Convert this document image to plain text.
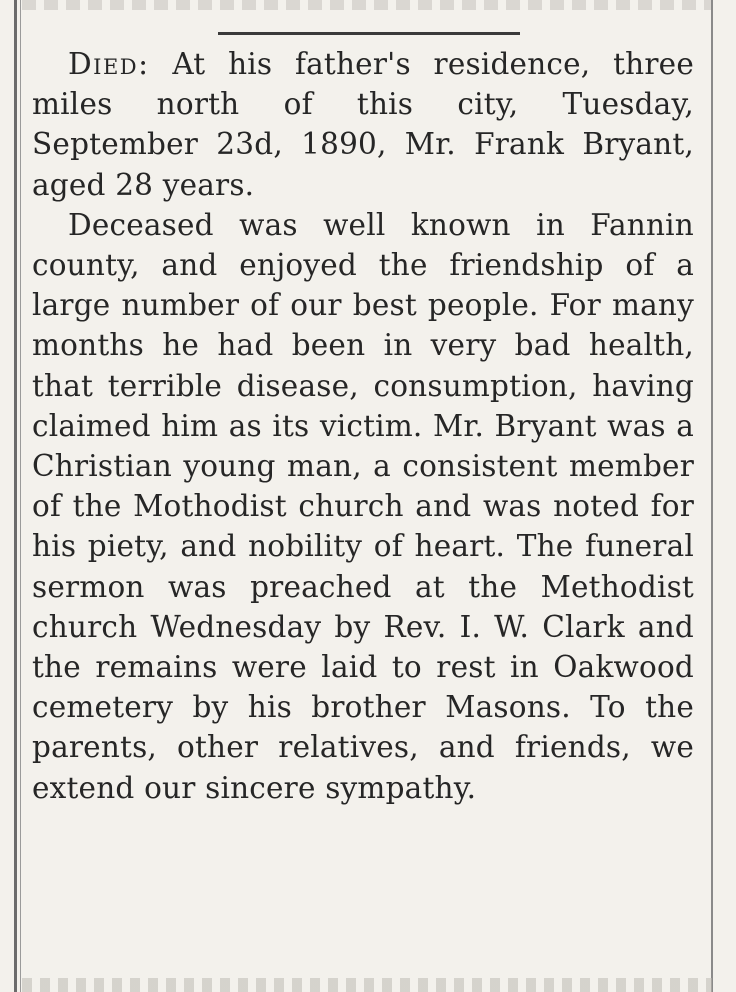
Died: At his father's residence, three miles north of this city, Tuesday, September 23d, 1890, Mr. Frank Bryant, aged 28 years.

Deceased was well known in Fannin county, and enjoyed the friendship of a large number of our best people. For many months he had been in very bad health, that terrible disease, consumption, having claimed him as its victim. Mr. Bryant was a Christian young man, a consistent member of the Mothodist church and was noted for his piety, and nobility of heart. The funeral sermon was preached at the Methodist church Wednesday by Rev. I. W. Clark and the remains were laid to rest in Oakwood cemetery by his brother Masons. To the parents, other relatives, and friends, we extend our sincere sympathy.
